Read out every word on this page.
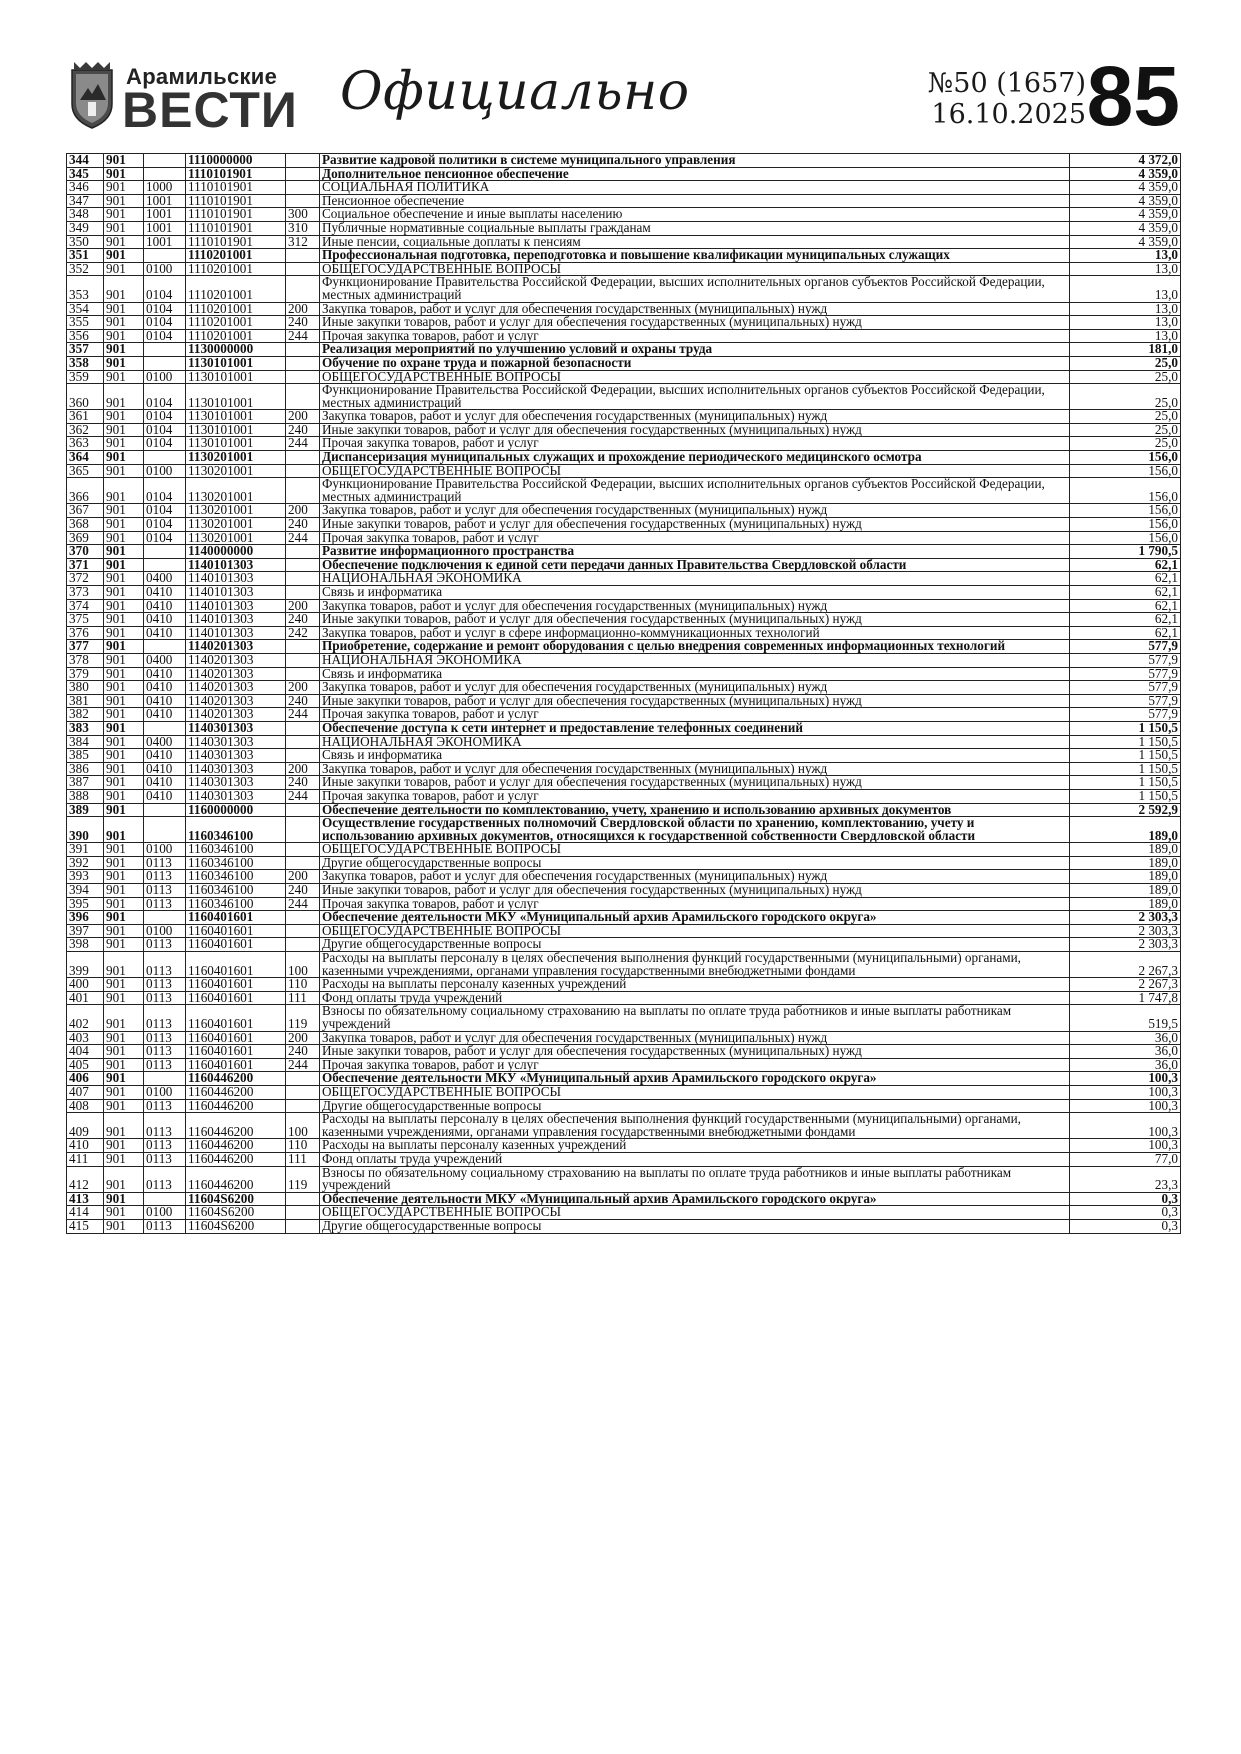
Арамильские
ВЕСТИ Официально	№50 (1657)
16.10.2025 85
344	901		1110000000		Развитие кадровой политики в системе муниципального управления	4 372,0
345	901		1110101901		Дополнительное пенсионное обеспечение	4 359,0
346	901	1000	1110101901		СОЦИАЛЬНАЯ ПОЛИТИКА	4 359,0
347	901	1001	1110101901		Пенсионное обеспечение	4 359,0
348	901	1001	1110101901	300	Социальное обеспечение и иные выплаты населению	4 359,0
349	901	1001	1110101901	310	Публичные нормативные социальные выплаты гражданам	4 359,0
350	901	1001	1110101901	312	Иные пенсии, социальные доплаты к пенсиям	4 359,0
351	901		1110201001		Профессиональная подготовка, переподготовка и повышение квалификации муниципальных служащих	13,0
352	901	0100	1110201001		ОБЩЕГОСУДАРСТВЕННЫЕ ВОПРОСЫ	13,0
353	901	0104	1110201001		Функционирование Правительства Российской Федерации, высших исполнительных органов субъектов Российской Федерации, местных администраций	13,0
354	901	0104	1110201001	200	Закупка товаров, работ и услуг для обеспечения государственных (муниципальных) нужд	13,0
355	901	0104	1110201001	240	Иные закупки товаров, работ и услуг для обеспечения государственных (муниципальных) нужд	13,0
356	901	0104	1110201001	244	Прочая закупка товаров, работ и услуг	13,0
357	901		1130000000		Реализация мероприятий по улучшению условий и охраны труда	181,0
358	901		1130101001		Обучение по охране труда и пожарной безопасности	25,0
359	901	0100	1130101001		ОБЩЕГОСУДАРСТВЕННЫЕ ВОПРОСЫ	25,0
360	901	0104	1130101001		Функционирование Правительства Российской Федерации, высших исполнительных органов субъектов Российской Федерации, местных администраций	25,0
361	901	0104	1130101001	200	Закупка товаров, работ и услуг для обеспечения государственных (муниципальных) нужд	25,0
362	901	0104	1130101001	240	Иные закупки товаров, работ и услуг для обеспечения государственных (муниципальных) нужд	25,0
363	901	0104	1130101001	244	Прочая закупка товаров, работ и услуг	25,0
364	901		1130201001		Диспансеризация муниципальных служащих и прохождение периодического медицинского осмотра	156,0
365	901	0100	1130201001		ОБЩЕГОСУДАРСТВЕННЫЕ ВОПРОСЫ	156,0
366	901	0104	1130201001		Функционирование Правительства Российской Федерации, высших исполнительных органов субъектов Российской Федерации, местных администраций	156,0
367	901	0104	1130201001	200	Закупка товаров, работ и услуг для обеспечения государственных (муниципальных) нужд	156,0
368	901	0104	1130201001	240	Иные закупки товаров, работ и услуг для обеспечения государственных (муниципальных) нужд	156,0
369	901	0104	1130201001	244	Прочая закупка товаров, работ и услуг	156,0
370	901		1140000000		Развитие информационного пространства	1 790,5
371	901		1140101303		Обеспечение подключения к единой сети передачи данных Правительства Свердловской области	62,1
372	901	0400	1140101303		НАЦИОНАЛЬНАЯ ЭКОНОМИКА	62,1
373	901	0410	1140101303		Связь и информатика	62,1
374	901	0410	1140101303	200	Закупка товаров, работ и услуг для обеспечения государственных (муниципальных) нужд	62,1
375	901	0410	1140101303	240	Иные закупки товаров, работ и услуг для обеспечения государственных (муниципальных) нужд	62,1
376	901	0410	1140101303	242	Закупка товаров, работ и услуг в сфере информационно-коммуникационных технологий	62,1
377	901		1140201303		Приобретение, содержание и ремонт оборудования с целью внедрения современных информационных технологий	577,9
378	901	0400	1140201303		НАЦИОНАЛЬНАЯ ЭКОНОМИКА	577,9
379	901	0410	1140201303		Связь и информатика	577,9
380	901	0410	1140201303	200	Закупка товаров, работ и услуг для обеспечения государственных (муниципальных) нужд	577,9
381	901	0410	1140201303	240	Иные закупки товаров, работ и услуг для обеспечения государственных (муниципальных) нужд	577,9
382	901	0410	1140201303	244	Прочая закупка товаров, работ и услуг	577,9
383	901		1140301303		Обеспечение доступа к сети интернет и предоставление телефонных соединений	1 150,5
384	901	0400	1140301303		НАЦИОНАЛЬНАЯ ЭКОНОМИКА	1 150,5
385	901	0410	1140301303		Связь и информатика	1 150,5
386	901	0410	1140301303	200	Закупка товаров, работ и услуг для обеспечения государственных (муниципальных) нужд	1 150,5
387	901	0410	1140301303	240	Иные закупки товаров, работ и услуг для обеспечения государственных (муниципальных) нужд	1 150,5
388	901	0410	1140301303	244	Прочая закупка товаров, работ и услуг	1 150,5
389	901		1160000000		Обеспечение деятельности по комплектованию, учету, хранению и использованию архивных документов	2 592,9
390	901		1160346100		Осуществление государственных полномочий Свердловской области по хранению, комплектованию, учету и использованию архивных документов, относящихся к государственной собственности Свердловской области	189,0
391	901	0100	1160346100		ОБЩЕГОСУДАРСТВЕННЫЕ ВОПРОСЫ	189,0
392	901	0113	1160346100		Другие общегосударственные вопросы	189,0
393	901	0113	1160346100	200	Закупка товаров, работ и услуг для обеспечения государственных (муниципальных) нужд	189,0
394	901	0113	1160346100	240	Иные закупки товаров, работ и услуг для обеспечения государственных (муниципальных) нужд	189,0
395	901	0113	1160346100	244	Прочая закупка товаров, работ и услуг	189,0
396	901		1160401601		Обеспечение деятельности МКУ «Муниципальный архив Арамильского городского округа»	2 303,3
397	901	0100	1160401601		ОБЩЕГОСУДАРСТВЕННЫЕ ВОПРОСЫ	2 303,3
398	901	0113	1160401601		Другие общегосударственные вопросы	2 303,3
399	901	0113	1160401601	100	Расходы на выплаты персоналу в целях обеспечения выполнения функций государственными (муниципальными) органами, казенными учреждениями, органами управления государственными внебюджетными фондами	2 267,3
400	901	0113	1160401601	110	Расходы на выплаты персоналу казенных учреждений	2 267,3
401	901	0113	1160401601	111	Фонд оплаты труда учреждений	1 747,8
402	901	0113	1160401601	119	Взносы по обязательному социальному страхованию на выплаты по оплате труда работников и иные выплаты работникам учреждений	519,5
403	901	0113	1160401601	200	Закупка товаров, работ и услуг для обеспечения государственных (муниципальных) нужд	36,0
404	901	0113	1160401601	240	Иные закупки товаров, работ и услуг для обеспечения государственных (муниципальных) нужд	36,0
405	901	0113	1160401601	244	Прочая закупка товаров, работ и услуг	36,0
406	901		1160446200		Обеспечение деятельности МКУ «Муниципальный архив Арамильского городского округа»	100,3
407	901	0100	1160446200		ОБЩЕГОСУДАРСТВЕННЫЕ ВОПРОСЫ	100,3
408	901	0113	1160446200		Другие общегосударственные вопросы	100,3
409	901	0113	1160446200	100	Расходы на выплаты персоналу в целях обеспечения выполнения функций государственными (муниципальными) органами, казенными учреждениями, органами управления государственными внебюджетными фондами	100,3
410	901	0113	1160446200	110	Расходы на выплаты персоналу казенных учреждений	100,3
411	901	0113	1160446200	111	Фонд оплаты труда учреждений	77,0
412	901	0113	1160446200	119	Взносы по обязательному социальному страхованию на выплаты по оплате труда работников и иные выплаты работникам учреждений	23,3
413	901		11604S6200		Обеспечение деятельности МКУ «Муниципальный архив Арамильского городского округа»	0,3
414	901	0100	11604S6200		ОБЩЕГОСУДАРСТВЕННЫЕ ВОПРОСЫ	0,3
415	901	0113	11604S6200		Другие общегосударственные вопросы	0,3
